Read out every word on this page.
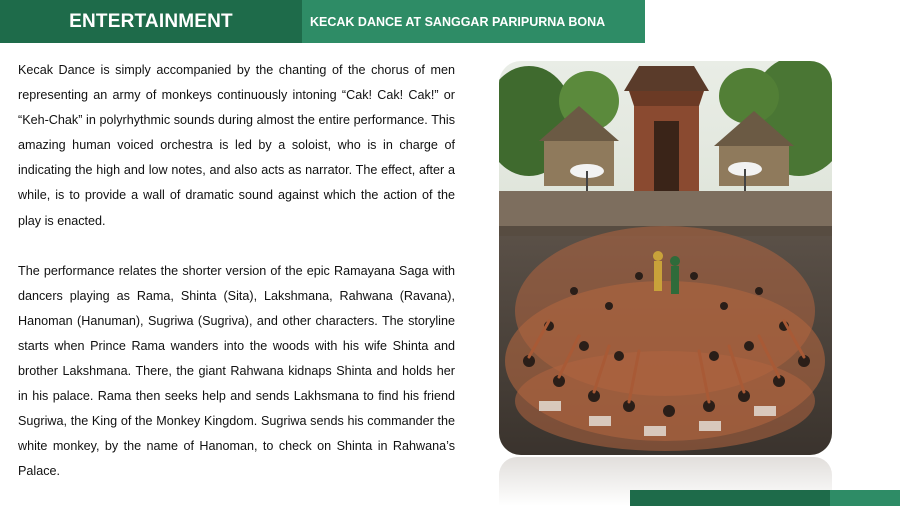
ENTERTAINMENT	KECAK DANCE AT SANGGAR PARIPURNA BONA

Kecak Dance is simply accompanied by the chanting of the chorus of men representing an army of monkeys continuously intoning “Cak! Cak! Cak!” or “Keh-Chak” in polyrhythmic sounds during almost the entire performance. This amazing human voiced orchestra is led by a soloist, who is in charge of indicating the high and low notes, and also acts as narrator. The effect, after a while, is to provide a wall of dramatic sound against which the action of the play is enacted.

The performance relates the shorter version of the epic Ramayana Saga with dancers playing as Rama, Shinta (Sita), Lakshmana, Rahwana (Ravana), Hanoman (Hanuman), Sugriwa (Sugriva), and other characters. The storyline starts when Prince Rama wanders into the woods with his wife Shinta and brother Lakshmana. There, the giant Rahwana kidnaps Shinta and holds her in his palace. Rama then seeks help and sends Lakhsmana to find his friend Sugriwa, the King of the Monkey Kingdom. Sugriwa sends his commander the white monkey, by the name of Hanoman, to check on Shinta in Rahwana’s Palace.
